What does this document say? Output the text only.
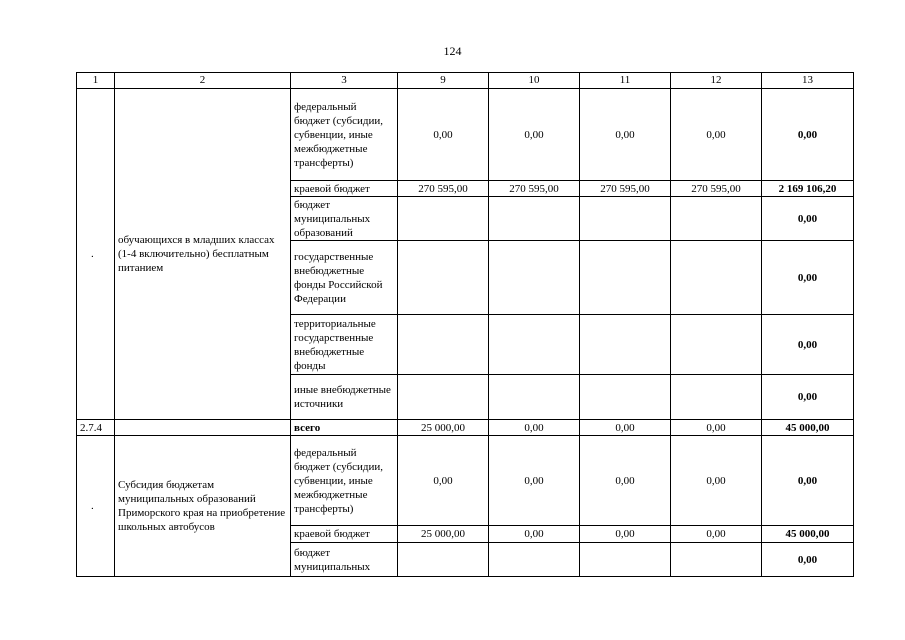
124
1	2	3	9	10	11	12	13
.	обучающихся в младших классах (1-4 включительно) бесплатным питанием	федеральный бюджет (субсидии, субвенции, иные межбюджетные трансферты)	0,00	0,00	0,00	0,00	0,00
		краевой бюджет	270 595,00	270 595,00	270 595,00	270 595,00	2 169 106,20
		бюджет муниципальных образований					0,00
		государственные внебюджетные фонды Российской Федерации					0,00
		территориальные государственные внебюджетные фонды					0,00
		иные внебюджетные источники					0,00
2.7.4		всего	25 000,00	0,00	0,00	0,00	45 000,00
.	Субсидия бюджетам муниципальных образований Приморского края на приобретение школьных автобусов	федеральный бюджет (субсидии, субвенции, иные межбюджетные трансферты)	0,00	0,00	0,00	0,00	0,00
		краевой бюджет	25 000,00	0,00	0,00	0,00	45 000,00
		бюджет муниципальных					0,00
